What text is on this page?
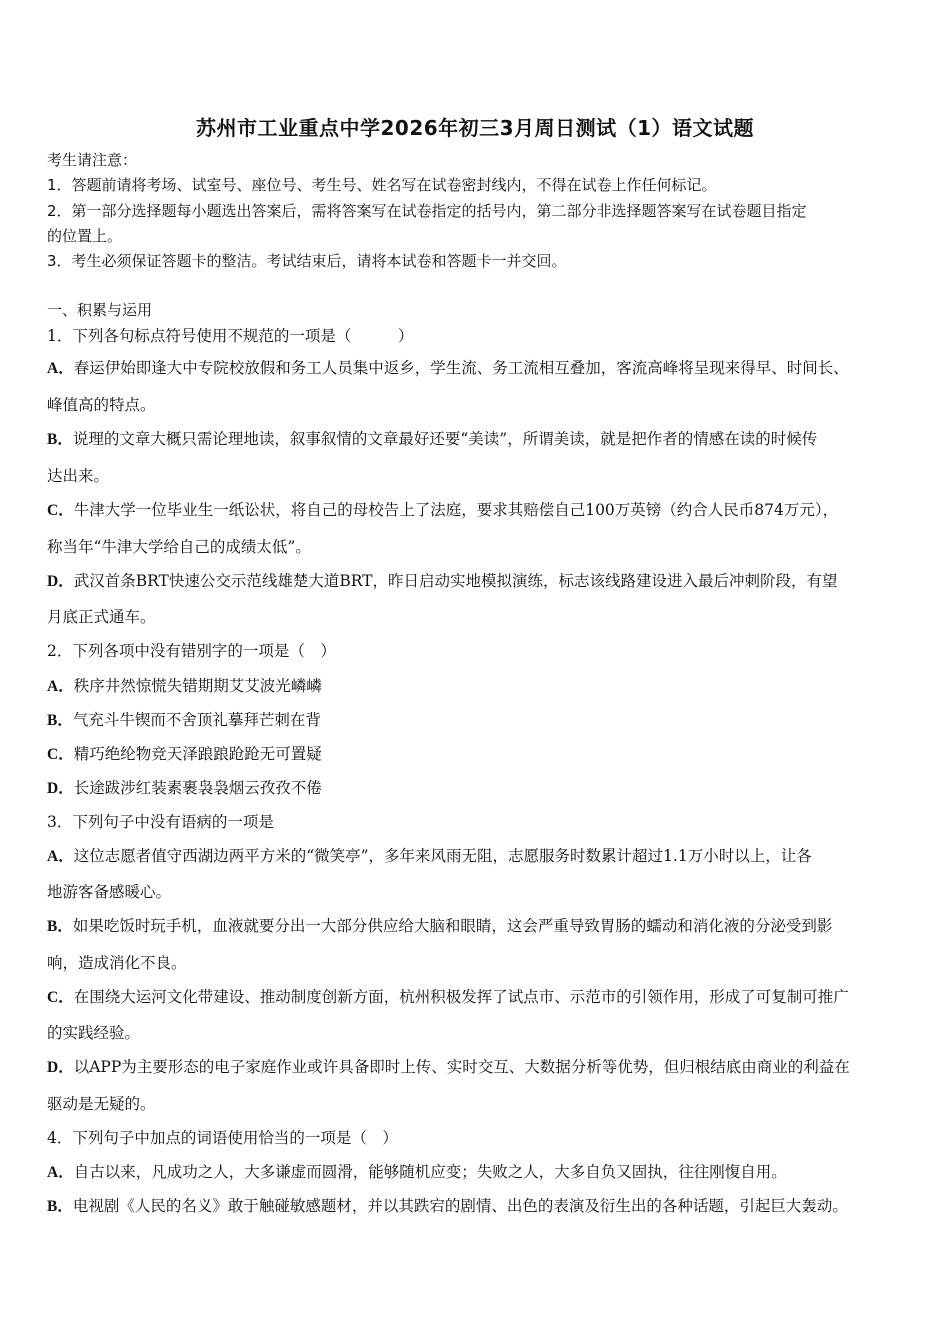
苏州市工业重点中学2026年初三3月周日测试（1）语文试题
考生请注意：
1．答题前请将考场、试室号、座位号、考生号、姓名写在试卷密封线内，不得在试卷上作任何标记。
2．第一部分选择题每小题选出答案后，需将答案写在试卷指定的括号内，第二部分非选择题答案写在试卷题目指定
的位置上。
3．考生必须保证答题卡的整洁。考试结束后，请将本试卷和答题卡一并交回。
一、积累与运用
1．下列各句标点符号使用不规范的一项是（　　　）
A．春运伊始即逢大中专院校放假和务工人员集中返乡，学生流、务工流相互叠加，客流高峰将呈现来得早、时间长、
峰值高的特点。
B．说理的文章大概只需论理地读，叙事叙情的文章最好还要“美读”，所谓美读，就是把作者的情感在读的时候传
达出来。
C．牛津大学一位毕业生一纸讼状，将自己的母校告上了法庭，要求其赔偿自己100万英镑（约合人民币874万元），
称当年“牛津大学给自己的成绩太低”。
D．武汉首条BRT快速公交示范线雄楚大道BRT，昨日启动实地模拟演练，标志该线路建设进入最后冲刺阶段，有望
月底正式通车。
2．下列各项中没有错别字的一项是（　）
A．秩序井然惊慌失错期期艾艾波光嶙嶙
B．气充斗牛锲而不舍顶礼摹拜芒刺在背
C．精巧绝纶物竞天泽踉踉跄跄无可置疑
D．长途跋涉红装素裹袅袅烟云孜孜不倦
3．下列句子中没有语病的一项是
A．这位志愿者值守西湖边两平方米的“微笑亭”，多年来风雨无阻，志愿服务时数累计超过1.1万小时以上，让各
地游客备感暖心。
B．如果吃饭时玩手机，血液就要分出一大部分供应给大脑和眼睛，这会严重导致胃肠的蠕动和消化液的分泌受到影
响，造成消化不良。
C．在围绕大运河文化带建设、推动制度创新方面，杭州积极发挥了试点市、示范市的引领作用，形成了可复制可推广
的实践经验。
D．以APP为主要形态的电子家庭作业或许具备即时上传、实时交互、大数据分析等优势，但归根结底由商业的利益在
驱动是无疑的。
4．下列句子中加点的词语使用恰当的一项是（　）
A．自古以来，凡成功之人，大多谦虚而圆滑，能够随机应变；失败之人，大多自负又固执，往往刚愎自用。
B．电视剧《人民的名义》敢于触碰敏感题材，并以其跌宕的剧情、出色的表演及衍生出的各种话题，引起巨大轰动。
